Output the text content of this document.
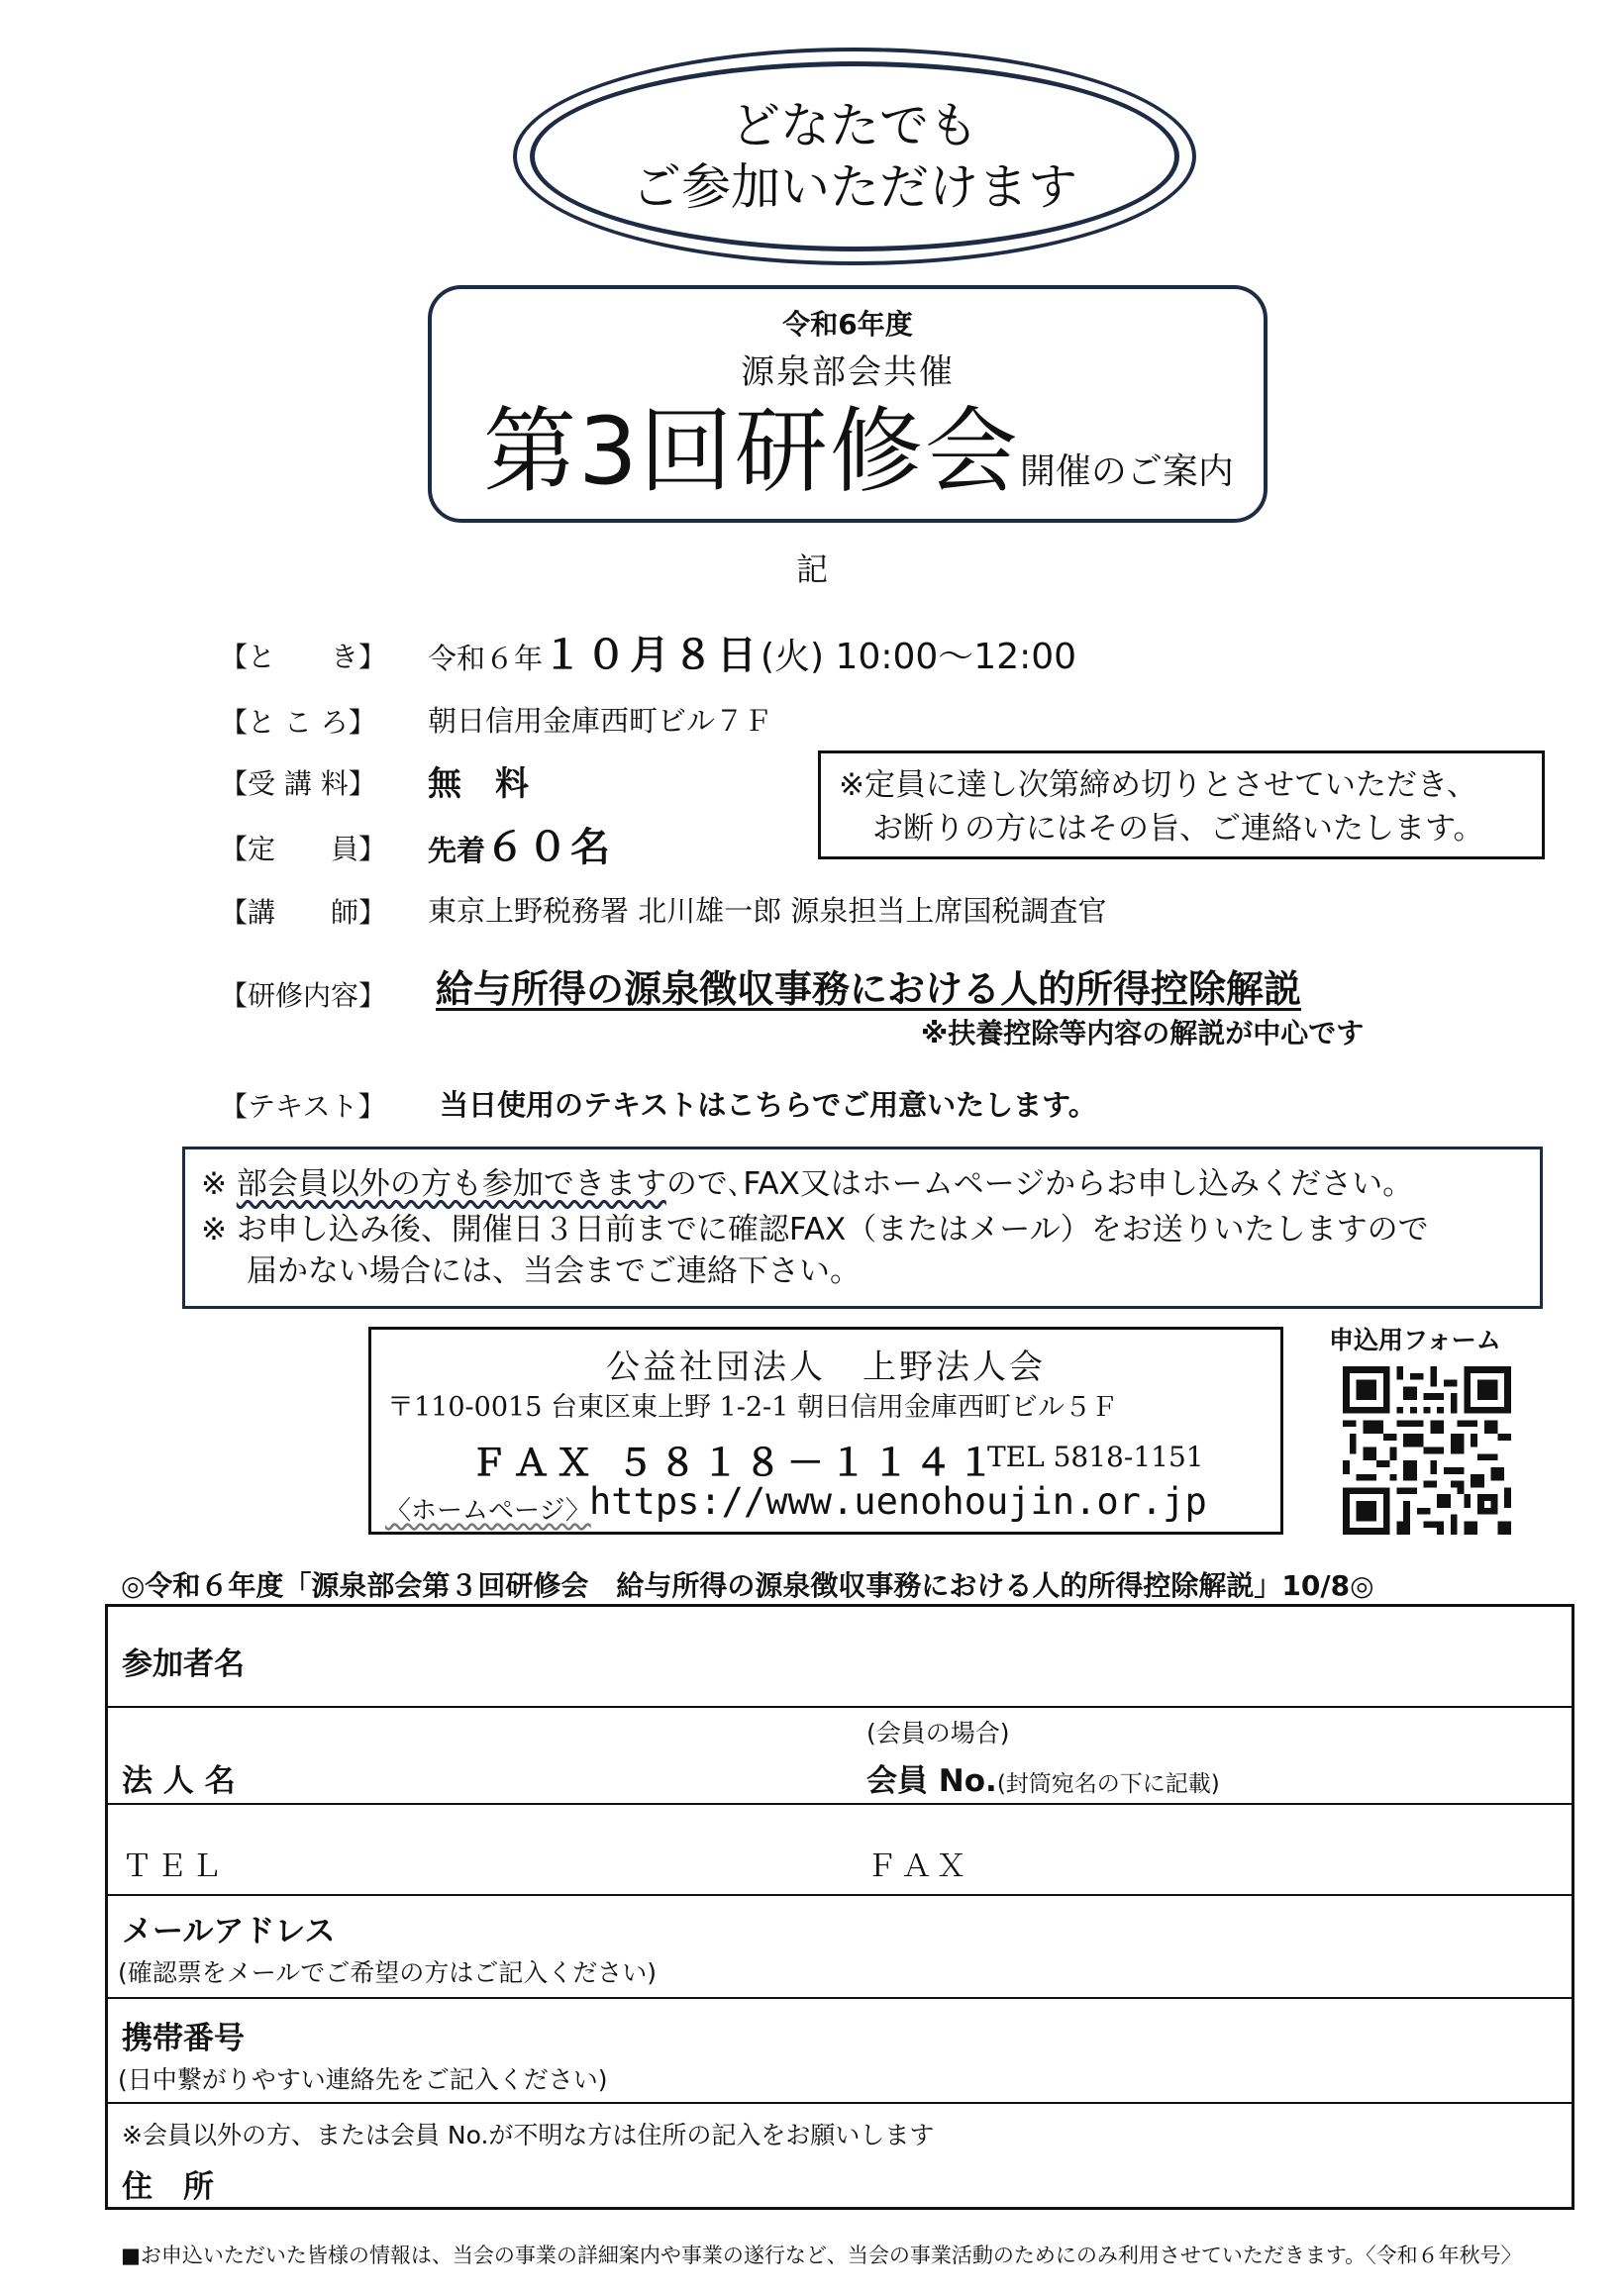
どなたでも
ご参加いただけます
令和6年度
源泉部会共催
第3回研修会開催のご案内
記
【と　　き】 令和６年１０月８日(火) 10:00～12:00
【と こ ろ】 朝日信用金庫西町ビル７Ｆ
【受 講 料】 無　料
【定　　員】 先着６０名
※定員に達し次第締め切りとさせていただき、
お断りの方にはその旨、ご連絡いたします。
【講　　師】 東京上野税務署 北川雄一郎 源泉担当上席国税調査官
【研修内容】 給与所得の源泉徴収事務における人的所得控除解説
※扶養控除等内容の解説が中心です
【テキスト】 当日使用のテキストはこちらでご用意いたします。
※ 部会員以外の方も参加できますので､FAX又はホームページからお申し込みください｡
※ お申し込み後、開催日３日前までに確認FAX（またはメール）をお送りいたしますので
届かない場合には、当会までご連絡下さい。
公益社団法人　上野法人会
〒110-0015 台東区東上野 1-2-1 朝日信用金庫西町ビル５Ｆ
ＦＡＸ ５８１８－１１４１
TEL 5818-1151
〈ホームページ〉
https://www.uenohoujin.or.jp
申込用フォーム
◎令和６年度「源泉部会第３回研修会　給与所得の源泉徴収事務における人的所得控除解説」10/8◎
参加者名
(会員の場合)
法 人 名	会員 No.(封筒宛名の下に記載)
ＴＥＬ	ＦＡＸ
メールアドレス
(確認票をメールでご希望の方はご記入ください)
携帯番号
(日中繋がりやすい連絡先をご記入ください)
※会員以外の方、または会員 No.が不明な方は住所の記入をお願いします
住　所
■お申込いただいた皆様の情報は、当会の事業の詳細案内や事業の遂行など、当会の事業活動のためにのみ利用させていただきます。〈令和６年秋号〉
